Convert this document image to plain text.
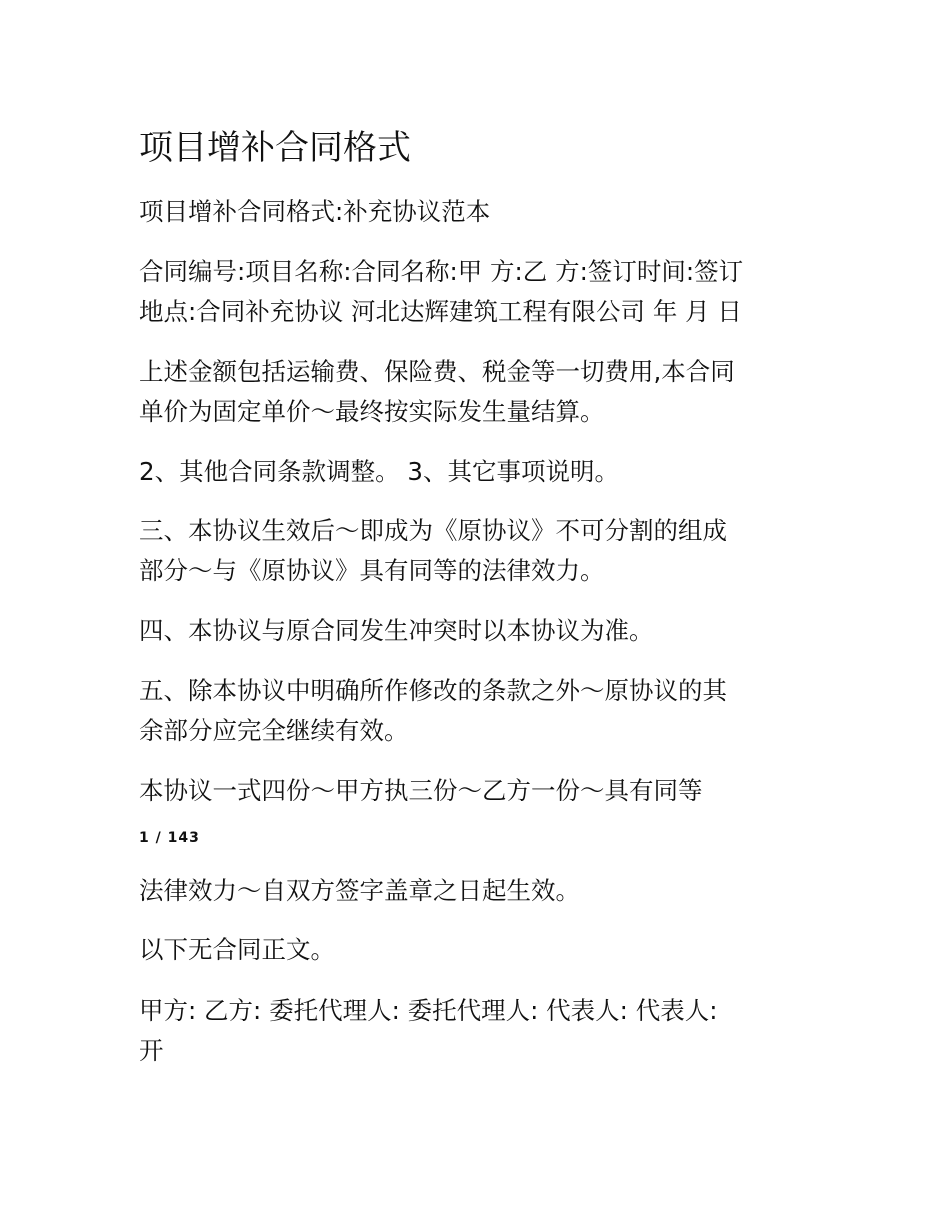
项目增补合同格式

项目增补合同格式:补充协议范本

合同编号:项目名称:合同名称:甲 方:乙 方:签订时间:签订
地点:合同补充协议 河北达辉建筑工程有限公司 年 月 日

上述金额包括运输费、保险费、税金等一切费用,本合同
单价为固定单价～最终按实际发生量结算。

2、其他合同条款调整。 3、其它事项说明。

三、本协议生效后～即成为《原协议》不可分割的组成
部分～与《原协议》具有同等的法律效力。

四、本协议与原合同发生冲突时以本协议为准。

五、除本协议中明确所作修改的条款之外～原协议的其
余部分应完全继续有效。

本协议一式四份～甲方执三份～乙方一份～具有同等

1 / 143

法律效力～自双方签字盖章之日起生效。

以下无合同正文。

甲方: 乙方: 委托代理人: 委托代理人: 代表人: 代表人:
开
